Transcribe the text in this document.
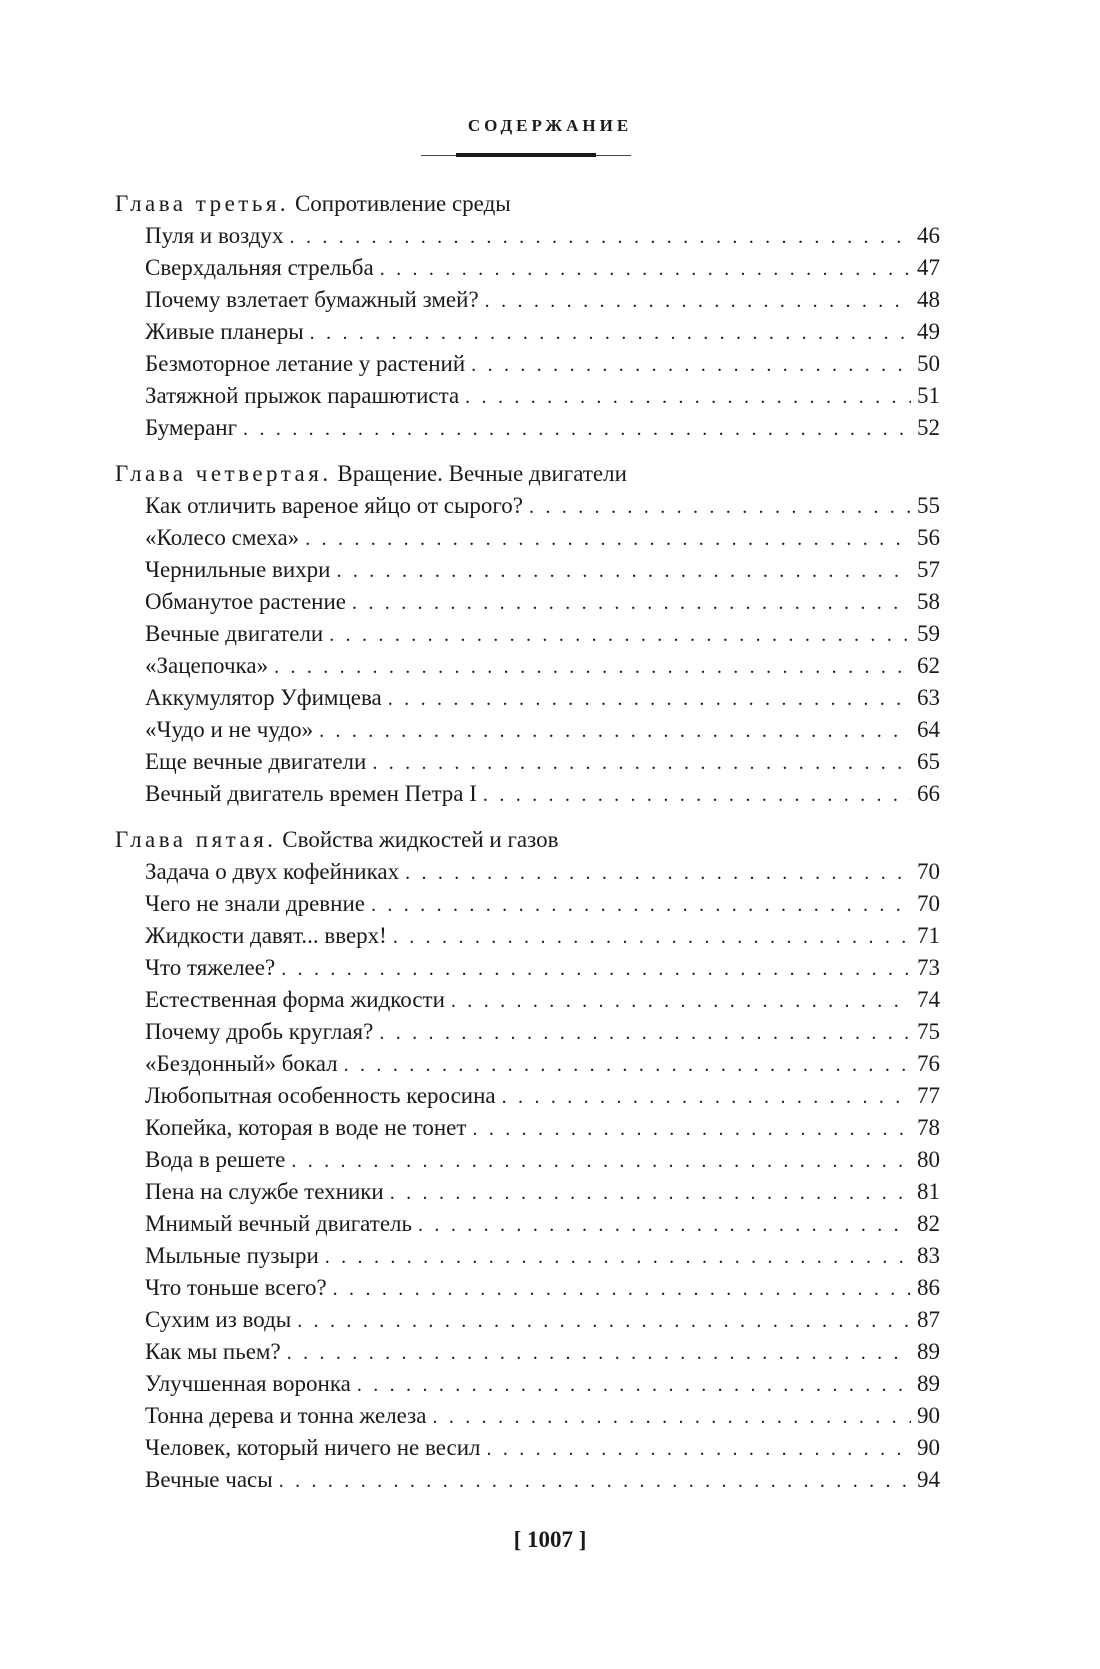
СОДЕРЖАНИЕ
Глава третья. Сопротивление среды
Пуля и воздух . . .	46
Сверхдальняя стрельба . . .	47
Почему взлетает бумажный змей? . . .	48
Живые планеры . . .	49
Безмоторное летание у растений . . .	50
Затяжной прыжок парашютиста . . .	51
Бумеранг . . .	52
Глава четвертая. Вращение. Вечные двигатели
Как отличить вареное яйцо от сырого? . . .	55
«Колесо смеха» . . .	56
Чернильные вихри . . .	57
Обманутое растение . . .	58
Вечные двигатели . . .	59
«Зацепочка» . . .	62
Аккумулятор Уфимцева . . .	63
«Чудо и не чудо» . . .	64
Еще вечные двигатели . . .	65
Вечный двигатель времен Петра I . . .	66
Глава пятая. Свойства жидкостей и газов
Задача о двух кофейниках . . .	70
Чего не знали древние . . .	70
Жидкости давят... вверх! . . .	71
Что тяжелее? . . .	73
Естественная форма жидкости . . .	74
Почему дробь круглая? . . .	75
«Бездонный» бокал . . .	76
Любопытная особенность керосина . . .	77
Копейка, которая в воде не тонет . . .	78
Вода в решете . . .	80
Пена на службе техники . . .	81
Мнимый вечный двигатель . . .	82
Мыльные пузыри . . .	83
Что тоньше всего? . . .	86
Сухим из воды . . .	87
Как мы пьем? . . .	89
Улучшенная воронка . . .	89
Тонна дерева и тонна железа . . .	90
Человек, который ничего не весил . . .	90
Вечные часы . . .	94
[ 1007 ]
